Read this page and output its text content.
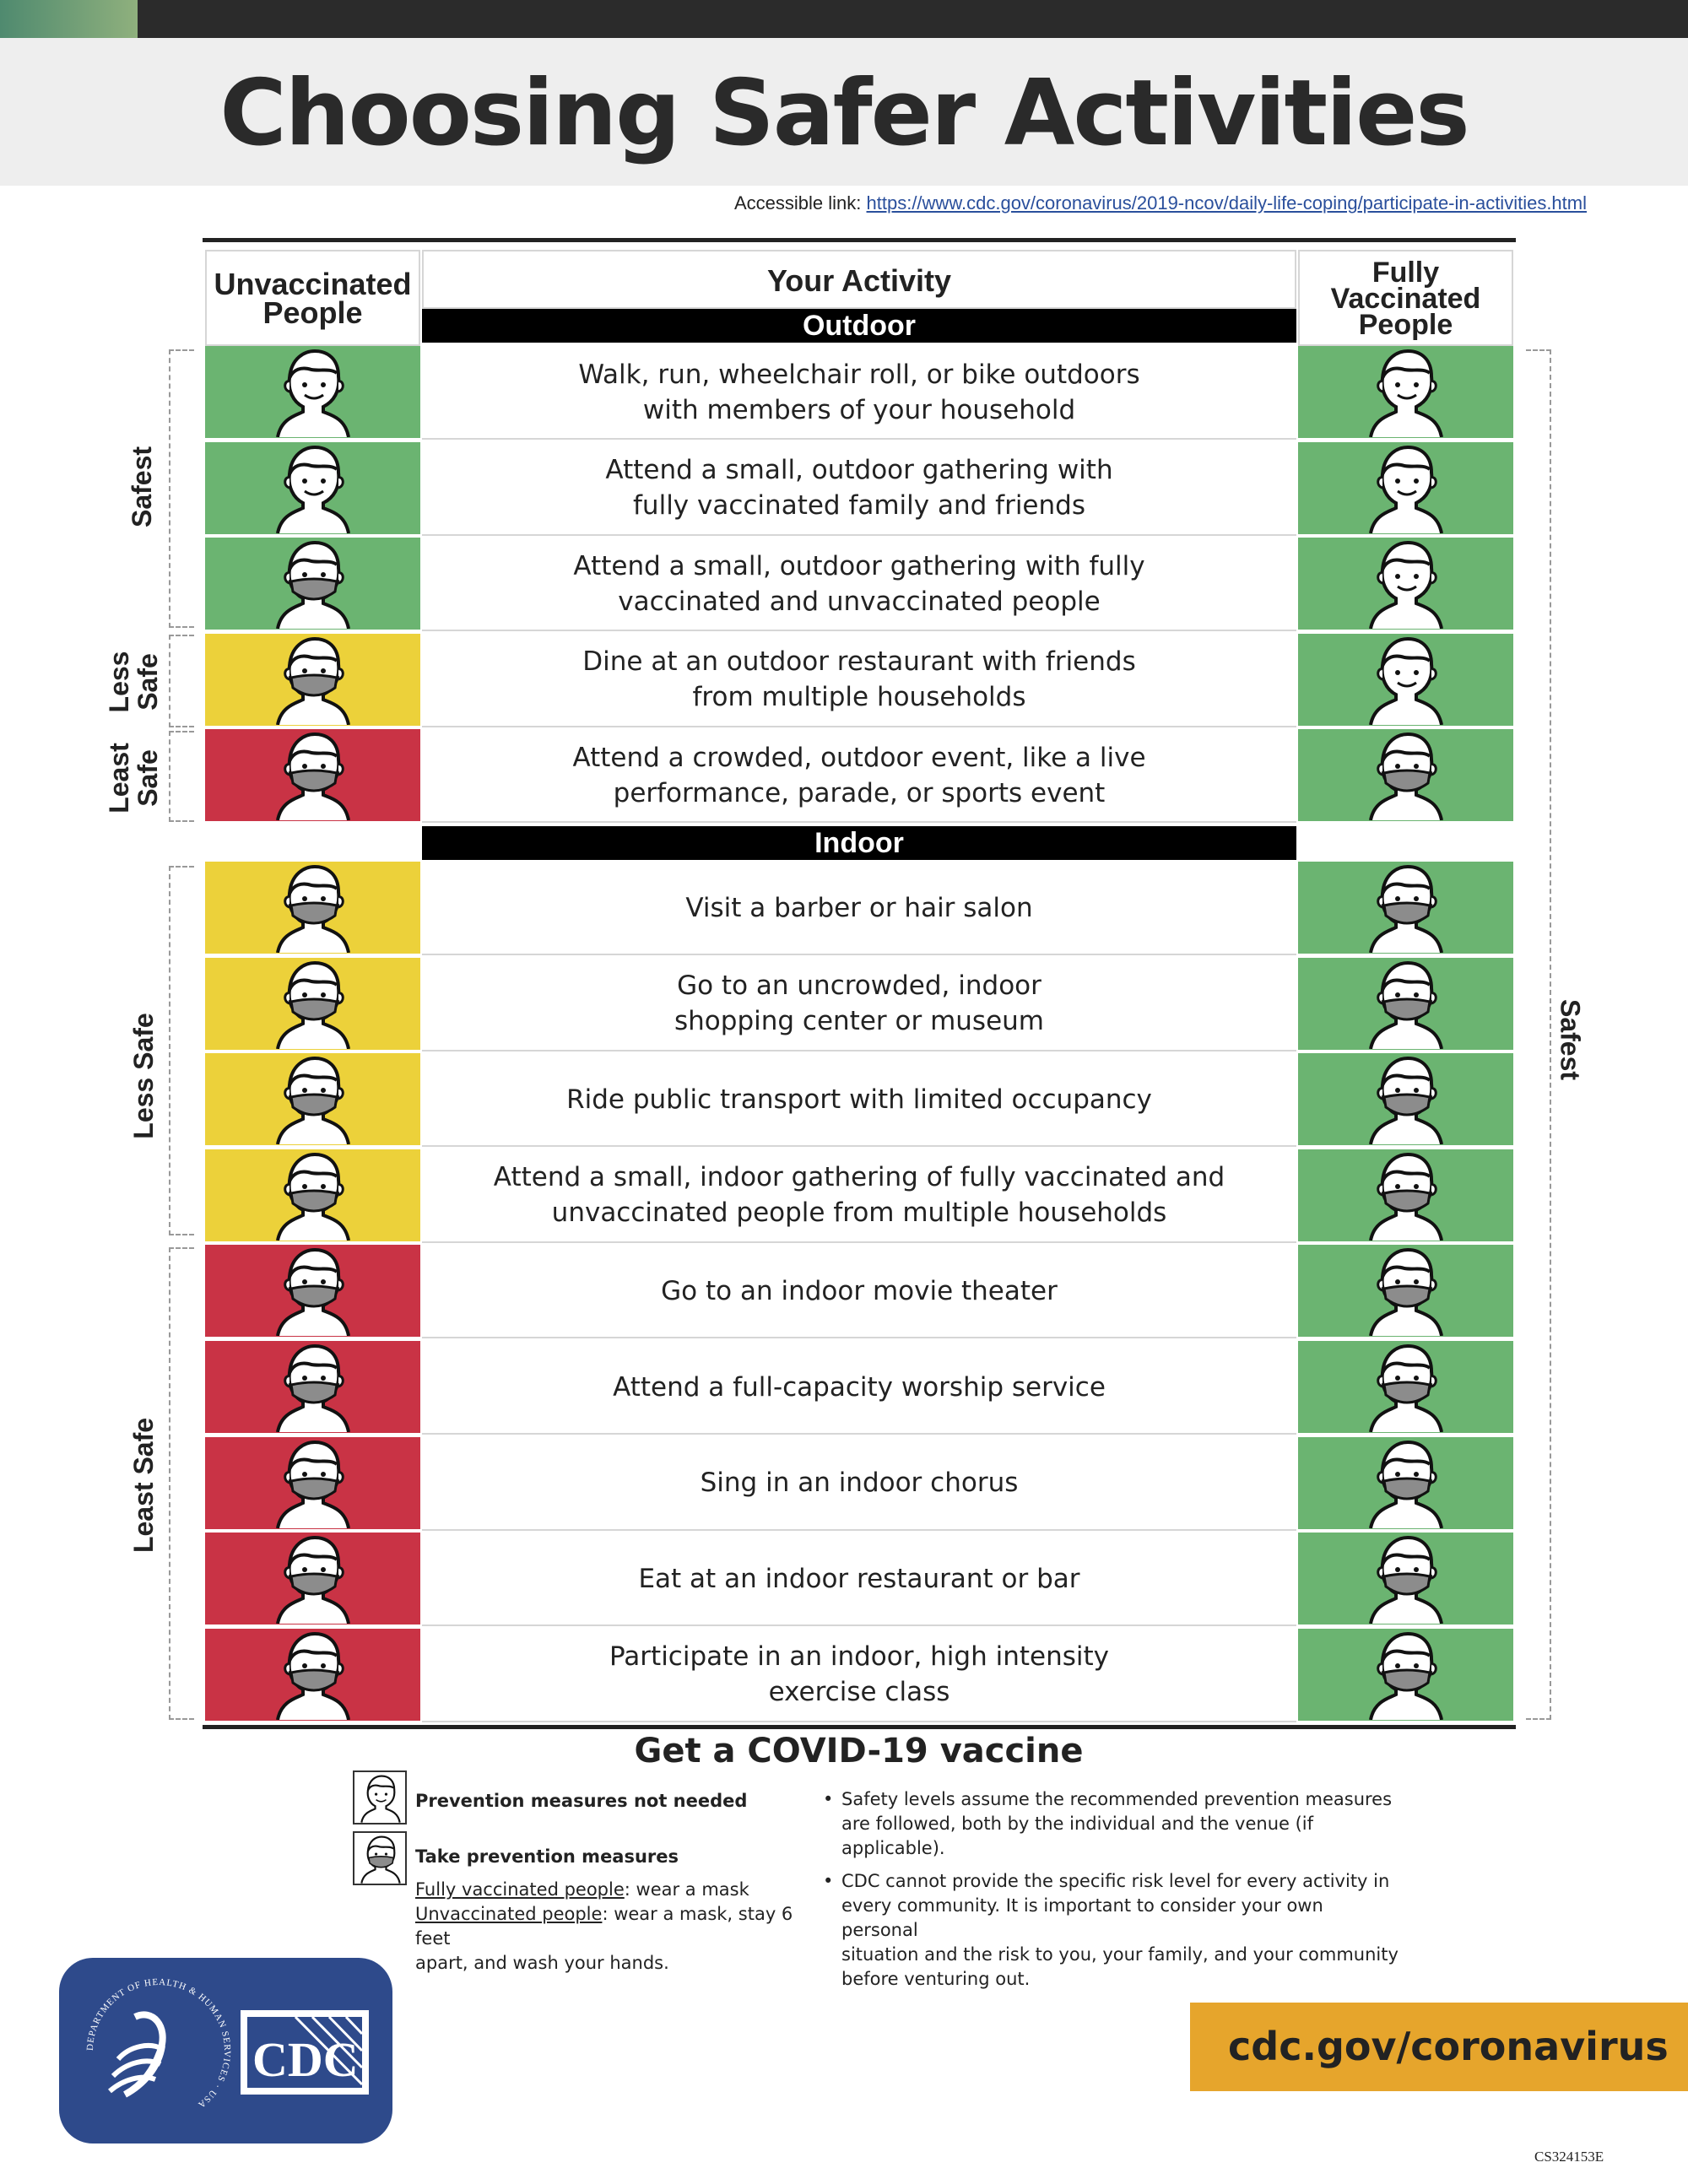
Choosing Safer Activities
Accessible link: https://www.cdc.gov/coronavirus/2019-ncov/daily-life-coping/participate-in-activities.html
Unvaccinated
People
Your Activity	Fully
Vaccinated
People
Outdoor
Indoor
Walk, run, wheelchair roll, or bike outdoors
with members of your household
Attend a small, outdoor gathering with
fully vaccinated family and friends
Attend a small, outdoor gathering with fully
vaccinated and unvaccinated people
Dine at an outdoor restaurant with friends
from multiple households
Attend a crowded, outdoor event, like a live
performance, parade, or sports event
Visit a barber or hair salon
Go to an uncrowded, indoor
shopping center or museum
Ride public transport with limited occupancy
Attend a small, indoor gathering of fully vaccinated and
unvaccinated people from multiple households
Go to an indoor movie theater
Attend a full-capacity worship service
Sing in an indoor chorus
Eat at an indoor restaurant or bar
Participate in an indoor, high intensity
exercise class
Safest
Less
Safe
Least
Safe
Less Safe
Least Safe
Safest
Get a COVID-19 vaccine
Prevention measures not needed
Take prevention measures
Fully vaccinated people: wear a mask
Unvaccinated people: wear a mask, stay 6 feet
apart, and wash your hands.
• Safety levels assume the recommended prevention measures
are followed, both by the individual and the venue (if applicable).
• CDC cannot provide the specific risk level for every activity in
every community. It is important to consider your own personal
situation and the risk to you, your family, and your community
before venturing out.
DEPARTMENT OF HEALTH & HUMAN SERVICES · USA
CDC	cdc.gov/coronavirus
CS324153E
